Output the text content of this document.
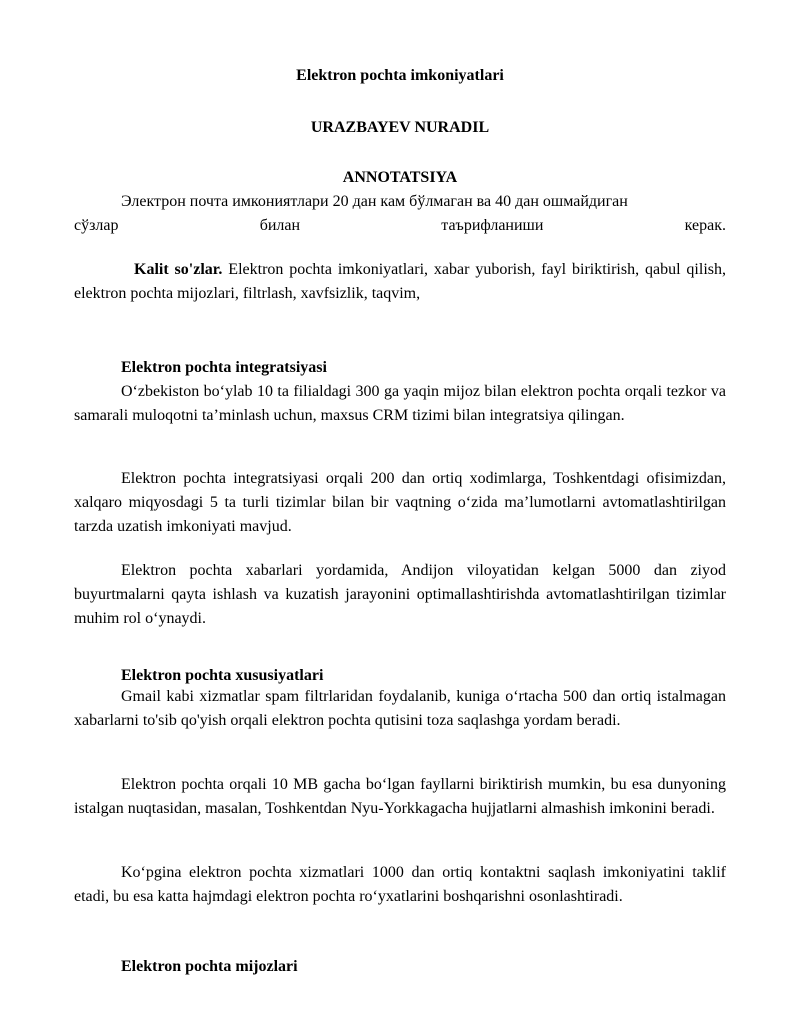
Elektron pochta imkoniyatlari
URAZBAYEV NURADIL
ANNOTATSIYA
Электрон почта имкониятлари 20 дан кам бўлмаган ва 40 дан ошмайдиган
сўзлар билан таърифланиши керак.
Kalit so'zlar. Elektron pochta imkoniyatlari, xabar yuborish, fayl biriktirish, qabul qilish, elektron pochta mijozlari, filtrlash, xavfsizlik, taqvim,
Elektron pochta integratsiyasi
O‘zbekiston bo‘ylab 10 ta filialdagi 300 ga yaqin mijoz bilan elektron pochta orqali tezkor va samarali muloqotni ta’minlash uchun, maxsus CRM tizimi bilan integratsiya qilingan.
Elektron pochta integratsiyasi orqali 200 dan ortiq xodimlarga, Toshkentdagi ofisimizdan, xalqaro miqyosdagi 5 ta turli tizimlar bilan bir vaqtning o‘zida ma’lumotlarni avtomatlashtirilgan tarzda uzatish imkoniyati mavjud.
Elektron pochta xabarlari yordamida, Andijon viloyatidan kelgan 5000 dan ziyod buyurtmalarni qayta ishlash va kuzatish jarayonini optimallashtirishda avtomatlashtirilgan tizimlar muhim rol o‘ynaydi.
Elektron pochta xususiyatlari
Gmail kabi xizmatlar spam filtrlaridan foydalanib, kuniga o‘rtacha 500 dan ortiq istalmagan xabarlarni to'sib qo'yish orqali elektron pochta qutisini toza saqlashga yordam beradi.
Elektron pochta orqali 10 MB gacha bo‘lgan fayllarni biriktirish mumkin, bu esa dunyoning istalgan nuqtasidan, masalan, Toshkentdan Nyu-Yorkkagacha hujjatlarni almashish imkonini beradi.
Ko‘pgina elektron pochta xizmatlari 1000 dan ortiq kontaktni saqlash imkoniyatini taklif etadi, bu esa katta hajmdagi elektron pochta ro‘yxatlarini boshqarishni osonlashtiradi.
Elektron pochta mijozlari
